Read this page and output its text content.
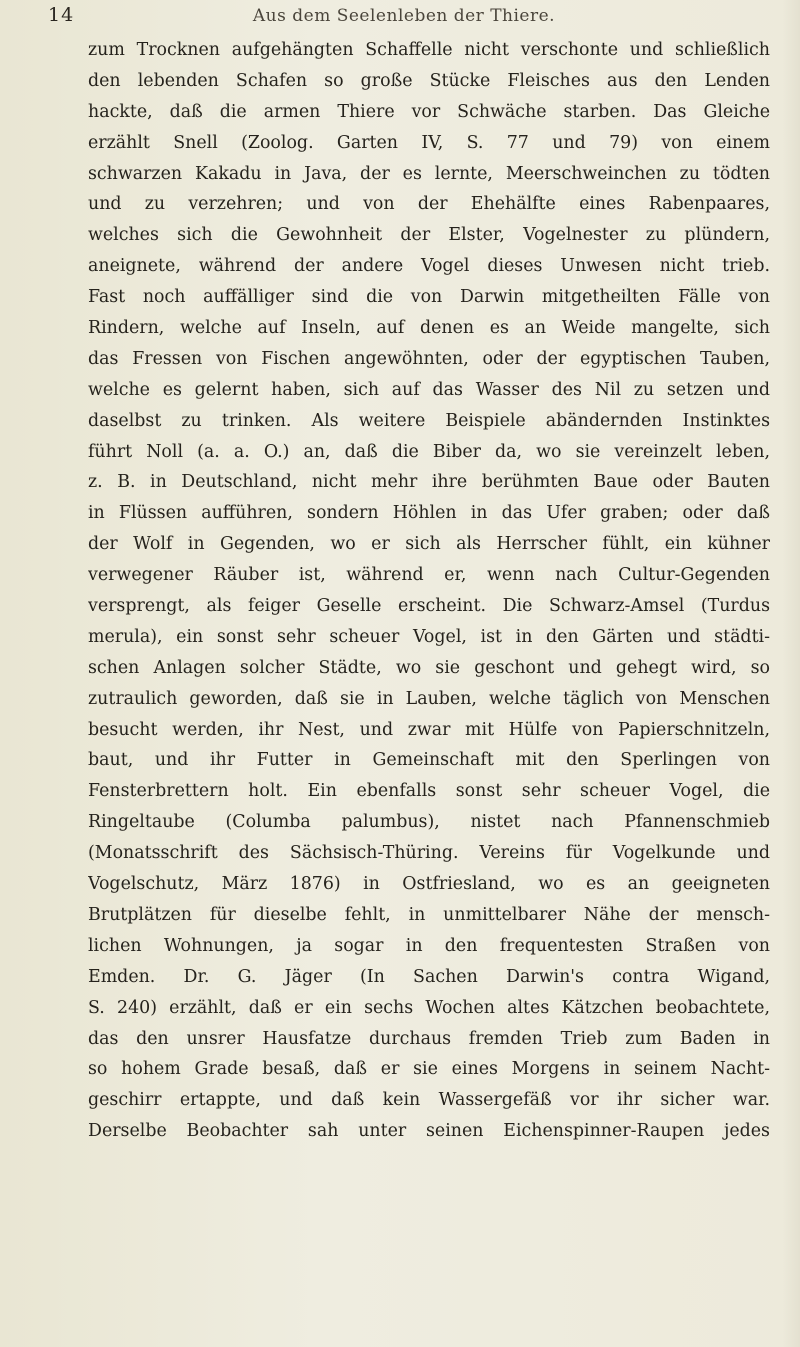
14	Aus dem Seelenleben der Thiere.
zum Trocknen aufgehängten Schaffelle nicht verschonte und schließlich
den lebenden Schafen so große Stücke Fleisches aus den Lenden
hackte, daß die armen Thiere vor Schwäche starben. Das Gleiche
erzählt Snell (Zoolog. Garten IV, S. 77 und 79) von einem
schwarzen Kakadu in Java, der es lernte, Meerschweinchen zu tödten
und zu verzehren; und von der Ehehälfte eines Rabenpaares,
welches sich die Gewohnheit der Elster, Vogelnester zu plündern,
aneignete, während der andere Vogel dieses Unwesen nicht trieb.
Fast noch auffälliger sind die von Darwin mitgetheilten Fälle von
Rindern, welche auf Inseln, auf denen es an Weide mangelte, sich
das Fressen von Fischen angewöhnten, oder der egyptischen Tauben,
welche es gelernt haben, sich auf das Wasser des Nil zu setzen und
daselbst zu trinken. Als weitere Beispiele abändernden Instinktes
führt Noll (a. a. O.) an, daß die Biber da, wo sie vereinzelt leben,
z. B. in Deutschland, nicht mehr ihre berühmten Baue oder Bauten
in Flüssen aufführen, sondern Höhlen in das Ufer graben; oder daß
der Wolf in Gegenden, wo er sich als Herrscher fühlt, ein kühner
verwegener Räuber ist, während er, wenn nach Cultur-Gegenden
versprengt, als feiger Geselle erscheint. Die Schwarz-Amsel (Turdus
merula), ein sonst sehr scheuer Vogel, ist in den Gärten und städti-
schen Anlagen solcher Städte, wo sie geschont und gehegt wird, so
zutraulich geworden, daß sie in Lauben, welche täglich von Menschen
besucht werden, ihr Nest, und zwar mit Hülfe von Papierschnitzeln,
baut, und ihr Futter in Gemeinschaft mit den Sperlingen von
Fensterbrettern holt. Ein ebenfalls sonst sehr scheuer Vogel, die
Ringeltaube (Columba palumbus), nistet nach Pfannenschmieb
(Monatsschrift des Sächsisch-Thüring. Vereins für Vogelkunde und
Vogelschutz, März 1876) in Ostfriesland, wo es an geeigneten
Brutplätzen für dieselbe fehlt, in unmittelbarer Nähe der mensch-
lichen Wohnungen, ja sogar in den frequentesten Straßen von
Emden. Dr. G. Jäger (In Sachen Darwin's contra Wigand,
S. 240) erzählt, daß er ein sechs Wochen altes Kätzchen beobachtete,
das den unsrer Hausfatze durchaus fremden Trieb zum Baden in
so hohem Grade besaß, daß er sie eines Morgens in seinem Nacht-
geschirr ertappte, und daß kein Wassergefäß vor ihr sicher war.
Derselbe Beobachter sah unter seinen Eichenspinner-Raupen jedes
